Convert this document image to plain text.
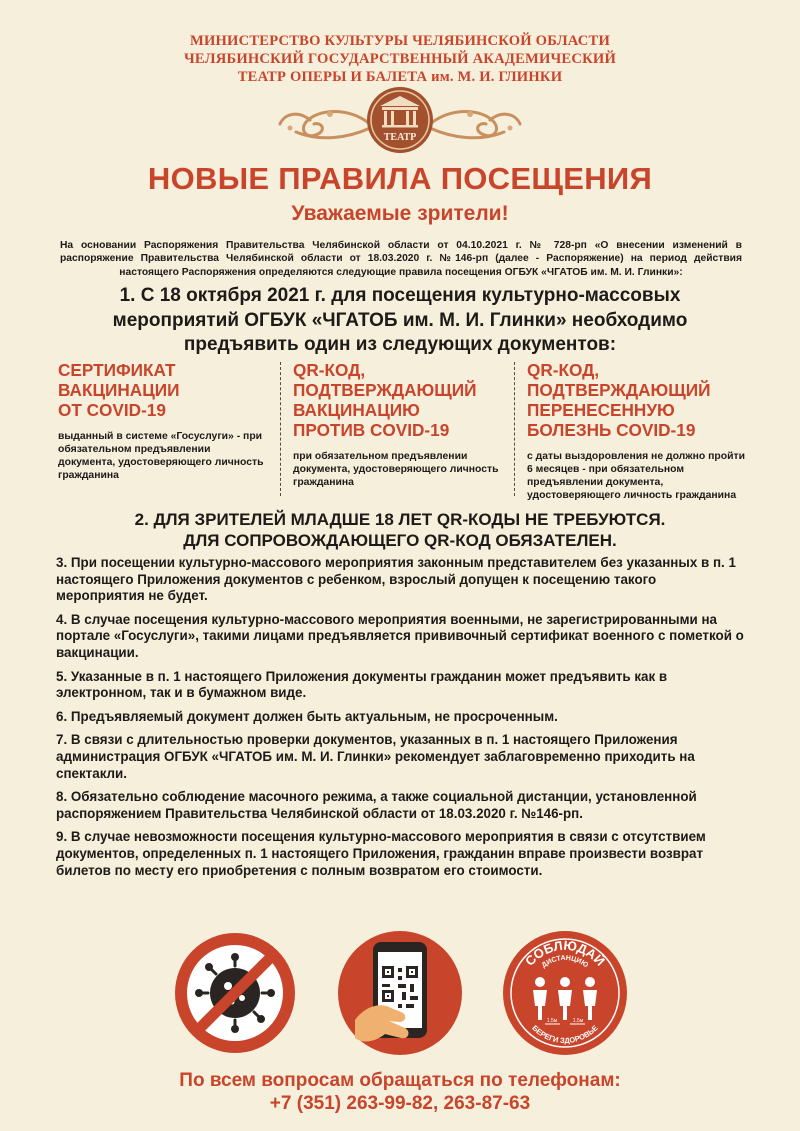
МИНИСТЕРСТВО КУЛЬТУРЫ ЧЕЛЯБИНСКОЙ ОБЛАСТИ
ЧЕЛЯБИНСКИЙ ГОСУДАРСТВЕННЫЙ АКАДЕМИЧЕСКИЙ
ТЕАТР ОПЕРЫ И БАЛЕТА им. М. И. ГЛИНКИ
ТЕАТР
НОВЫЕ ПРАВИЛА ПОСЕЩЕНИЯ
Уважаемые зрители!
На основании Распоряжения Правительства Челябинской области от 04.10.2021 г. № 728-рп «О внесении изменений в распоряжение Правительства Челябинской области от 18.03.2020 г. №146-рп (далее - Распоряжение) на период действия настоящего Распоряжения определяются следующие правила посещения ОГБУК «ЧГАТОБ им. М. И. Глинки»:
1. С 18 октября 2021 г. для посещения культурно-массовых
мероприятий ОГБУК «ЧГАТОБ им. М. И. Глинки» необходимо
предъявить один из следующих документов:
СЕРТИФИКАТ
ВАКЦИНАЦИИ
ОТ COVID-19

выданный в системе «Госуслуги» - при обязательном предъявлении документа, удостоверяющего личность гражданина

QR-КОД,
ПОДТВЕРЖДАЮЩИЙ
ВАКЦИНАЦИЮ
ПРОТИВ COVID-19

при обязательном предъявлении документа, удостоверяющего личность гражданина

QR-КОД,
ПОДТВЕРЖДАЮЩИЙ
ПЕРЕНЕСЕННУЮ
БОЛЕЗНЬ COVID-19

с даты выздоровления не должно пройти 6 месяцев - при обязательном предъявлении документа, удостоверяющего личность гражданина

2. ДЛЯ ЗРИТЕЛЕЙ МЛАДШЕ 18 ЛЕТ QR-КОДЫ НЕ ТРЕБУЮТСЯ.
ДЛЯ СОПРОВОЖДАЮЩЕГО QR-КОД ОБЯЗАТЕЛЕН.
3. При посещении культурно-массового мероприятия законным представителем без указанных в п. 1 настоящего Приложения документов с ребенком, взрослый допущен к посещению такого мероприятия не будет.
4. В случае посещения культурно-массового мероприятия военными, не зарегистрированными на портале «Госуслуги», такими лицами предъявляется прививочный сертификат военного с пометкой о вакцинации.
5. Указанные в п. 1 настоящего Приложения документы гражданин может предъявить как в электронном, так и в бумажном виде.
6. Предъявляемый документ должен быть актуальным, не просроченным.
7. В связи с длительностью проверки документов, указанных в п. 1 настоящего Приложения администрация ОГБУК «ЧГАТОБ им. М. И. Глинки» рекомендует заблаговременно приходить на спектакли.
8. Обязательно соблюдение масочного режима, а также социальной дистанции, установленной распоряжением Правительства Челябинской области от 18.03.2020 г. №146-рп.
9. В случае невозможности посещения культурно-массового мероприятия в связи с отсутствием документов, определенных п. 1 настоящего Приложения, гражданин вправе произвести возврат билетов по месту его приобретения с полным возвратом его стоимости.
СОБЛЮДАЙ
ДИСТАНЦИЮ
БЕРЕГИ ЗДОРОВЬЕ
1.5м	1.5м
По всем вопросам обращаться по телефонам:
+7 (351) 263-99-82, 263-87-63
